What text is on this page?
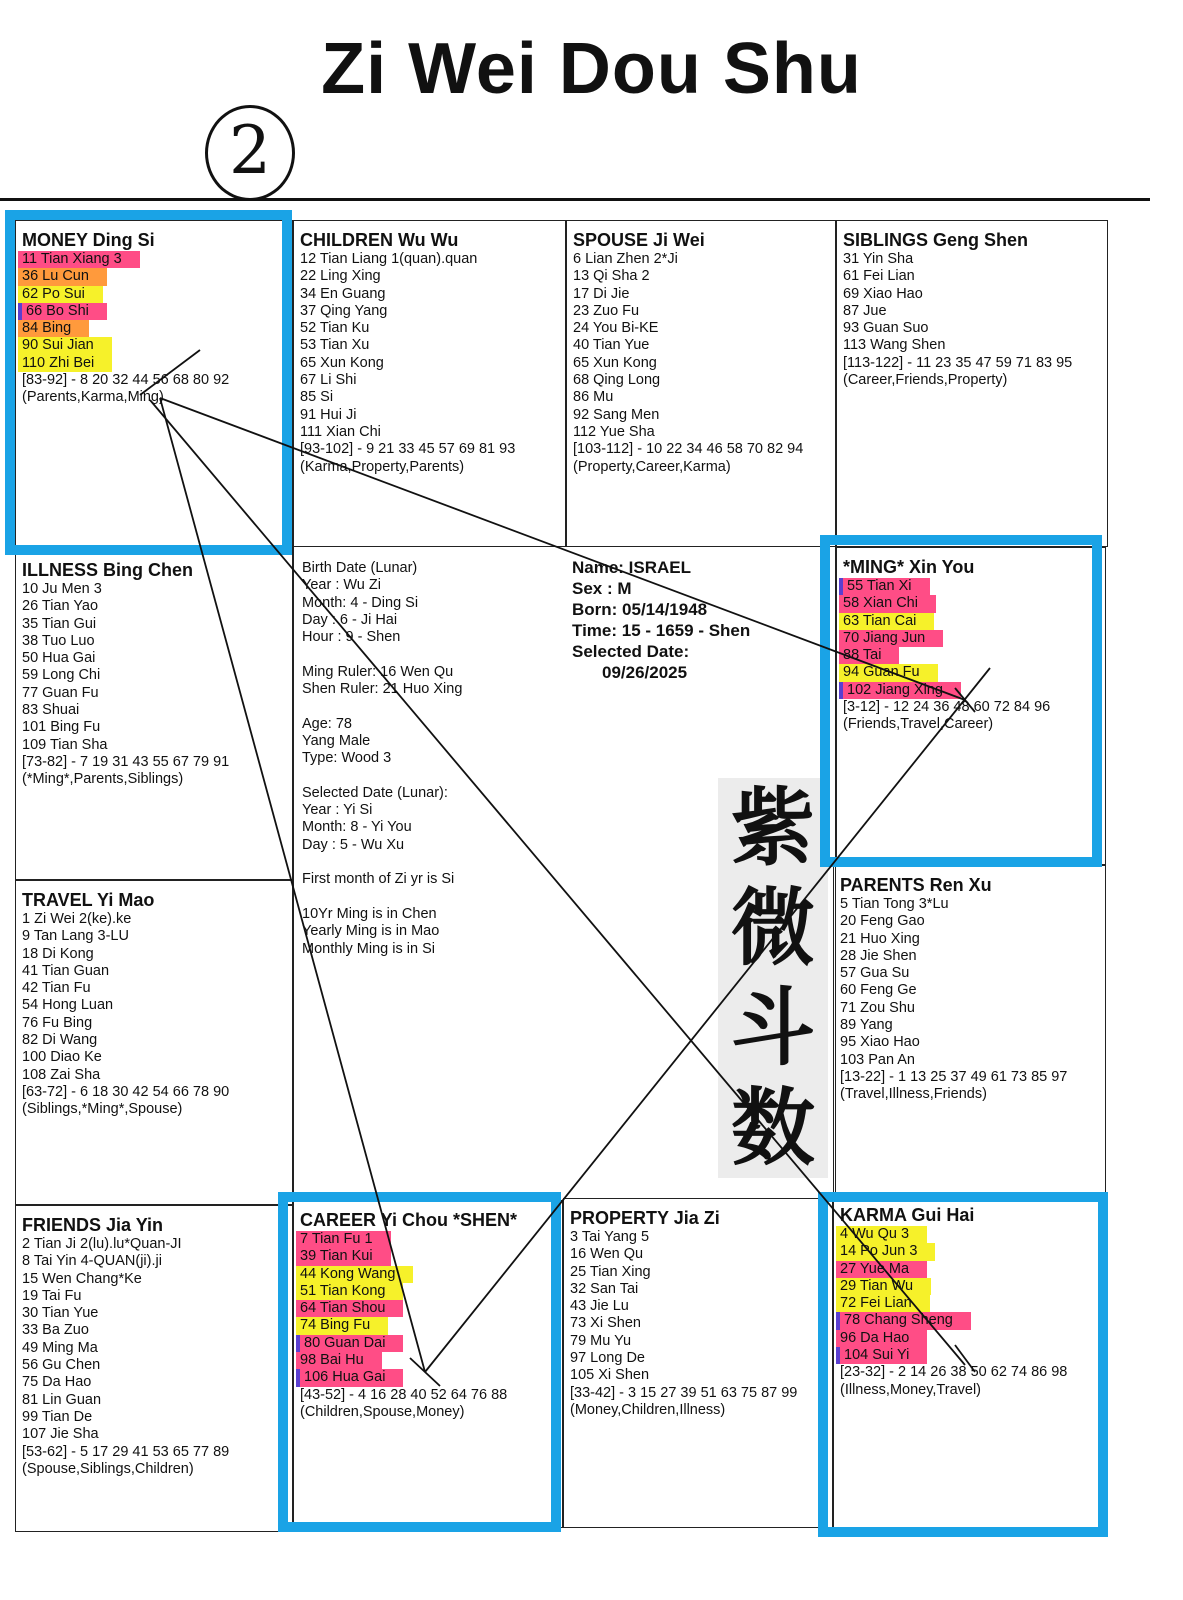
Zi Wei Dou Shu
2
MONEY Ding Si
11 Tian Xiang 3
36 Lu Cun
62 Po Sui
66 Bo Shi
84 Bing
90 Sui Jian
110 Zhi Bei
[83-92] - 8 20 32 44 56 68 80 92
(Parents,Karma,Ming)
CHILDREN Wu Wu
12 Tian Liang 1(quan).quan
22 Ling Xing
34 En Guang
37 Qing Yang
52 Tian Ku
53 Tian Xu
65 Xun Kong
67 Li Shi
85 Si
91 Hui Ji
111 Xian Chi
[93-102] - 9 21 33 45 57 69 81 93
(Karma,Property,Parents)
SPOUSE Ji Wei
6 Lian Zhen 2*Ji
13 Qi Sha 2
17 Di Jie
23 Zuo Fu
24 You Bi-KE
40 Tian Yue
65 Xun Kong
68 Qing Long
86 Mu
92 Sang Men
112 Yue Sha
[103-112] - 10 22 34 46 58 70 82 94
(Property,Career,Karma)
SIBLINGS Geng Shen
31 Yin Sha
61 Fei Lian
69 Xiao Hao
87 Jue
93 Guan Suo
113 Wang Shen
[113-122] - 11 23 35 47 59 71 83 95
(Career,Friends,Property)
ILLNESS Bing Chen
10 Ju Men 3
26 Tian Yao
35 Tian Gui
38 Tuo Luo
50 Hua Gai
59 Long Chi
77 Guan Fu
83 Shuai
101 Bing Fu
109 Tian Sha
[73-82] - 7 19 31 43 55 67 79 91
(*Ming*,Parents,Siblings)
*MING* Xin You
55 Tian Xi
58 Xian Chi
63 Tian Cai
70 Jiang Jun
88 Tai
94 Guan Fu
102 Jiang Xing
[3-12] - 12 24 36 48 60 72 84 96
(Friends,Travel,Career)
TRAVEL Yi Mao
1 Zi Wei 2(ke).ke
9 Tan Lang 3-LU
18 Di Kong
41 Tian Guan
42 Tian Fu
54 Hong Luan
76 Fu Bing
82 Di Wang
100 Diao Ke
108 Zai Sha
[63-72] - 6 18 30 42 54 66 78 90
(Siblings,*Ming*,Spouse)
PARENTS Ren Xu
5 Tian Tong 3*Lu
20 Feng Gao
21 Huo Xing
28 Jie Shen
57 Gua Su
60 Feng Ge
71 Zou Shu
89 Yang
95 Xiao Hao
103 Pan An
[13-22] - 1 13 25 37 49 61 73 85 97
(Travel,Illness,Friends)
FRIENDS Jia Yin
2 Tian Ji 2(lu).lu*Quan-JI
8 Tai Yin 4-QUAN(ji).ji
15 Wen Chang*Ke
19 Tai Fu
30 Tian Yue
33 Ba Zuo
49 Ming Ma
56 Gu Chen
75 Da Hao
81 Lin Guan
99 Tian De
107 Jie Sha
[53-62] - 5 17 29 41 53 65 77 89
(Spouse,Siblings,Children)
CAREER Yi Chou *SHEN*
7 Tian Fu 1
39 Tian Kui
44 Kong Wang
51 Tian Kong
64 Tian Shou
74 Bing Fu
80 Guan Dai
98 Bai Hu
106 Hua Gai
[43-52] - 4 16 28 40 52 64 76 88
(Children,Spouse,Money)
PROPERTY Jia Zi
3 Tai Yang 5
16 Wen Qu
25 Tian Xing
32 San Tai
43 Jie Lu
73 Xi Shen
79 Mu Yu
97 Long De
105 Xi Shen
[33-42] - 3 15 27 39 51 63 75 87 99
(Money,Children,Illness)
KARMA Gui Hai
4 Wu Qu 3
14 Po Jun 3
27 Yue Ma
29 Tian Wu
72 Fei Lian
78 Chang Sheng
96 Da Hao
104 Sui Yi
[23-32] - 2 14 26 38 50 62 74 86 98
(Illness,Money,Travel)
Birth Date (Lunar)
Year : Wu Zi
Month: 4 - Ding Si
Day : 6 - Ji Hai
Hour : 9 - Shen

Ming Ruler: 16 Wen Qu
Shen Ruler: 21 Huo Xing

Age: 78
Yang Male
Type: Wood 3

Selected Date (Lunar):
Year : Yi Si
Month: 8 - Yi You
Day : 5 - Wu Xu

First month of Zi yr is Si

10Yr Ming is in Chen
Yearly Ming is in Mao
Monthly Ming is in Si
Name: ISRAEL
Sex : M
Born: 05/14/1948
Time: 15 - 1659 - Shen
Selected Date:
09/26/2025
紫
微
斗
数
